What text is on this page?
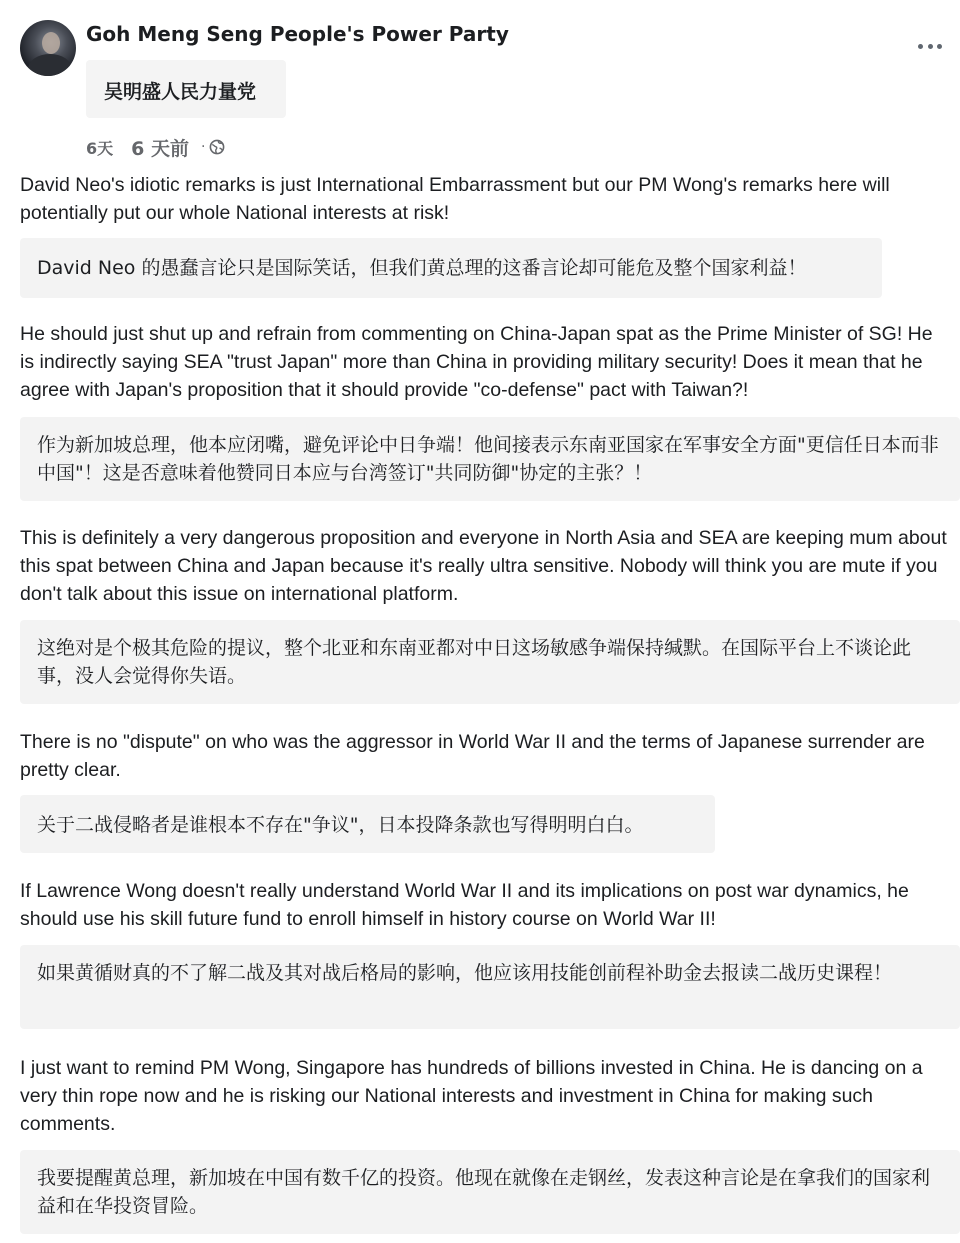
Goh Meng Seng People's Power Party
吴明盛人民力量党
6天 6 天前 ·

David Neo's idiotic remarks is just International Embarrassment but our PM Wong's remarks here will potentially put our whole National interests at risk!

David Neo 的愚蠢言论只是国际笑话，但我们黄总理的这番言论却可能危及整个国家利益！

He should just shut up and refrain from commenting on China-Japan spat as the Prime Minister of SG! He is indirectly saying SEA "trust Japan" more than China in providing military security! Does it mean that he agree with Japan's proposition that it should provide "co-defense" pact with Taiwan?!

作为新加坡总理，他本应闭嘴，避免评论中日争端！他间接表示东南亚国家在军事安全方面"更信任日本而非中国"！这是否意味着他赞同日本应与台湾签订"共同防御"协定的主张？！

This is definitely a very dangerous proposition and everyone in North Asia and SEA are keeping mum about this spat between China and Japan because it's really ultra sensitive. Nobody will think you are mute if you don't talk about this issue on international platform.

这绝对是个极其危险的提议，整个北亚和东南亚都对中日这场敏感争端保持缄默。在国际平台上不谈论此事，没人会觉得你失语。

There is no "dispute" on who was the aggressor in World War II and the terms of Japanese surrender are pretty clear.

关于二战侵略者是谁根本不存在"争议"，日本投降条款也写得明明白白。

If Lawrence Wong doesn't really understand World War II and its implications on post war dynamics, he should use his skill future fund to enroll himself in history course on World War II!

如果黄循财真的不了解二战及其对战后格局的影响，他应该用技能创前程补助金去报读二战历史课程！

I just want to remind PM Wong, Singapore has hundreds of billions invested in China. He is dancing on a very thin rope now and he is risking our National interests and investment in China for making such comments.

我要提醒黄总理，新加坡在中国有数千亿的投资。他现在就像在走钢丝，发表这种言论是在拿我们的国家利益和在华投资冒险。
